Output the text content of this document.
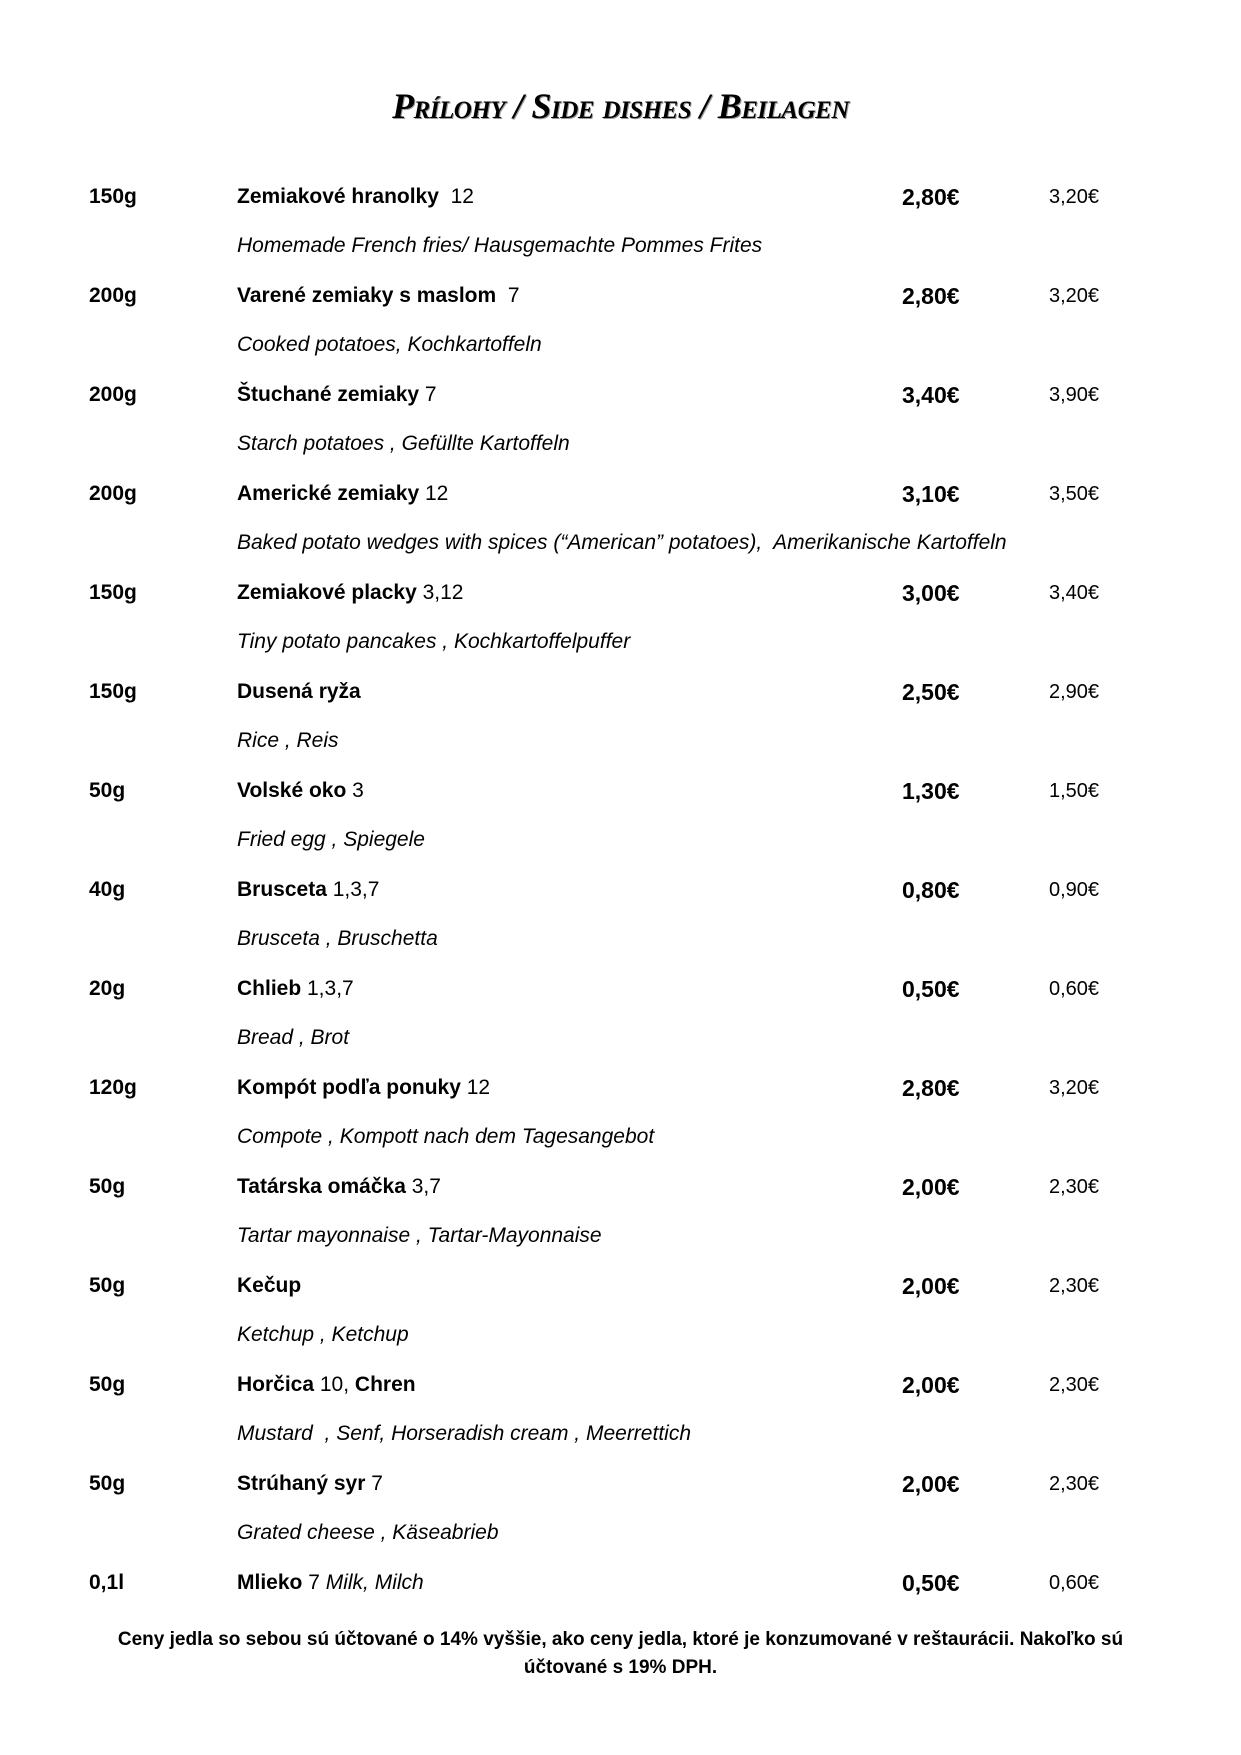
Prílohy / Side dishes / Beilagen
150g	Zemiakové hranolky  12	2,80€	3,20€
Homemade French fries/ Hausgemachte Pommes Frites
200g	Varené zemiaky s maslom  7	2,80€	3,20€
Cooked potatoes, Kochkartoffeln
200g	Štuchané zemiaky 7	3,40€	3,90€
Starch potatoes , Gefüllte Kartoffeln
200g	Americké zemiaky 12	3,10€	3,50€
Baked potato wedges with spices (“American” potatoes),  Amerikanische Kartoffeln
150g	Zemiakové placky 3,12	3,00€	3,40€
Tiny potato pancakes , Kochkartoffelpuffer
150g	Dusená ryža	2,50€	2,90€
Rice , Reis
50g	Volské oko 3	1,30€	1,50€
Fried egg , Spiegele
40g	Brusceta 1,3,7	0,80€	0,90€
Brusceta , Bruschetta
20g	Chlieb 1,3,7	0,50€	0,60€
Bread , Brot
120g	Kompót podľa ponuky 12	2,80€	3,20€
Compote , Kompott nach dem Tagesangebot
50g	Tatárska omáčka 3,7	2,00€	2,30€
Tartar mayonnaise , Tartar-Mayonnaise
50g	Kečup	2,00€	2,30€
Ketchup , Ketchup
50g	Horčica 10, Chren	2,00€	2,30€
Mustard  , Senf, Horseradish cream , Meerrettich
50g	Strúhaný syr 7	2,00€	2,30€
Grated cheese , Käseabrieb
0,1l	Mlieko 7 Milk, Milch	0,50€	0,60€
Ceny jedla so sebou sú účtované o 14% vyššie, ako ceny jedla, ktoré je konzumované v reštaurácii. Nakoľko sú
účtované s 19% DPH.
